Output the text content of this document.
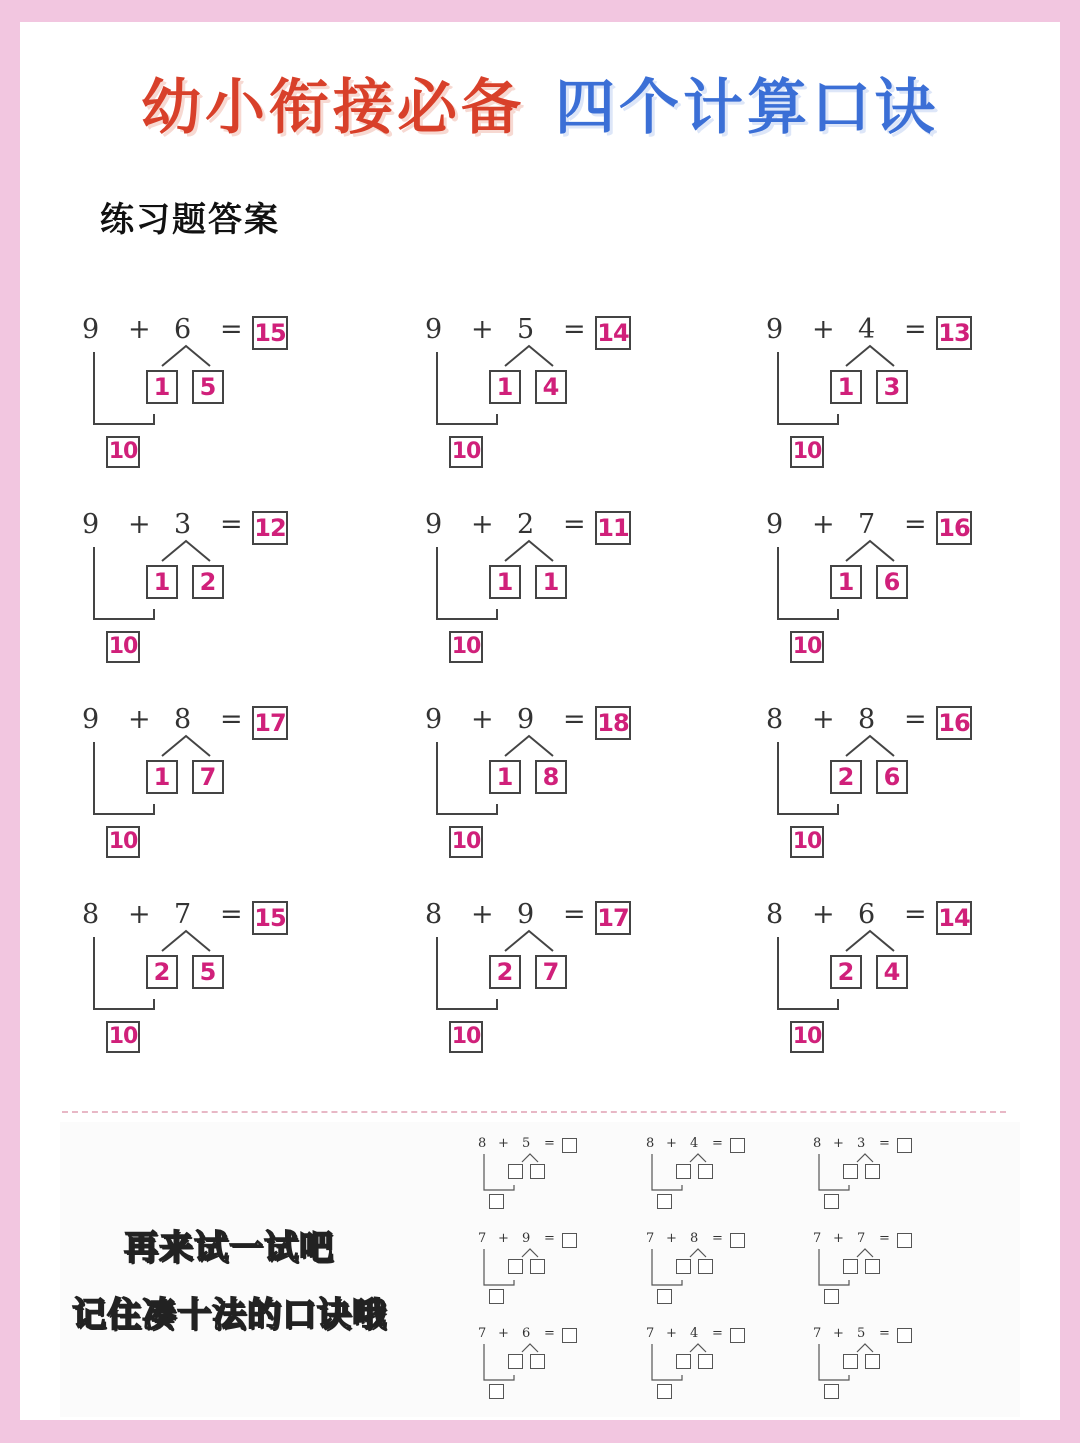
幼小衔接必备 四个计算口诀
练习题答案
9 + 6 = 15
1	5
10
9 + 5 = 14
1	4
10
9 + 4 = 13
1	3
10
9 + 3 = 12
1	2
10
9 + 2 = 11
1	1
10
9 + 7 = 16
1	6
10
9 + 8 = 17
1	7
10
9 + 9 = 18
1	8
10
8 + 8 = 16
2	6
10
8 + 7 = 15
2	5
10
8 + 9 = 17
2	7
10
8 + 6 = 14
2	4
10
再来试一试吧
记住凑十法的口诀哦
8 + 5 =	8 + 4 =	8 + 3 =
7 + 9 =	7 + 8 =	7 + 7 =
7 + 6 =	7 + 4 =	7 + 5 =
